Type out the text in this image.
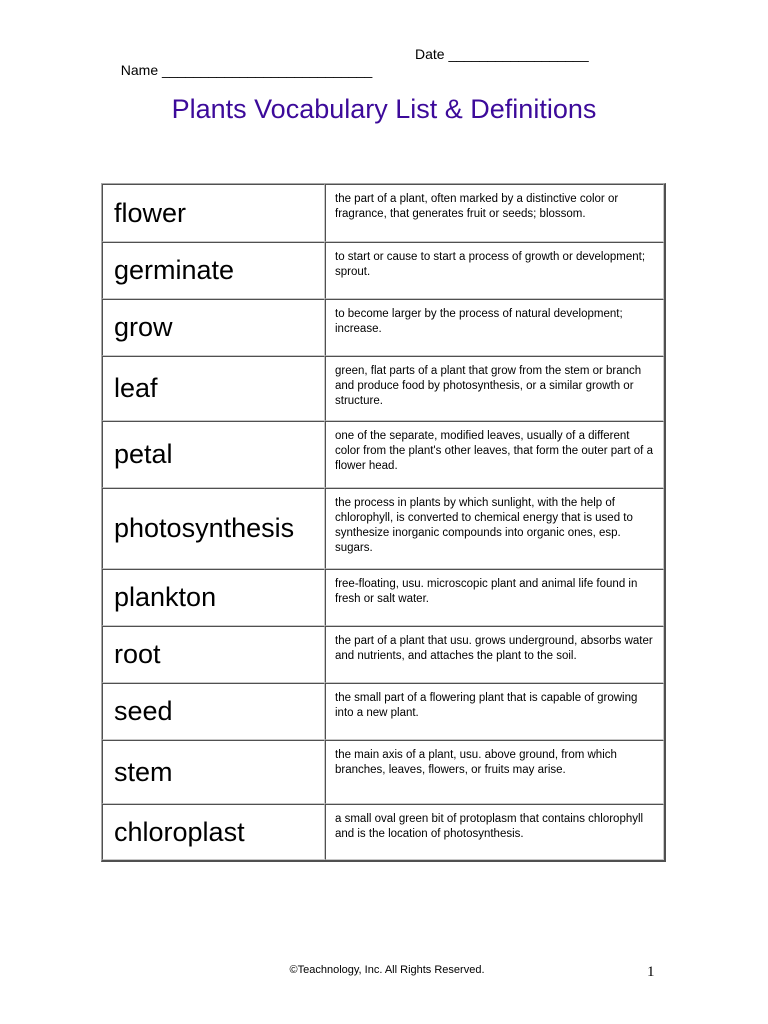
Name ___________________________

Date __________________

Plants Vocabulary List & Definitions
flower	the part of a plant, often marked by a distinctive color or fragrance, that generates fruit or seeds; blossom.
germinate	to start or cause to start a process of growth or development; sprout.
grow	to become larger by the process of natural development; increase.
leaf	green, flat parts of a plant that grow from the stem or branch and produce food by photosynthesis, or a similar growth or structure.
petal	one of the separate, modified leaves, usually of a different color from the plant's other leaves, that form the outer part of a flower head.
photosynthesis	the process in plants by which sunlight, with the help of chlorophyll, is converted to chemical energy that is used to synthesize inorganic compounds into organic ones, esp. sugars.
plankton	free-floating, usu. microscopic plant and animal life found in fresh or salt water.
root	the part of a plant that usu. grows underground, absorbs water and nutrients, and attaches the plant to the soil.
seed	the small part of a flowering plant that is capable of growing into a new plant.
stem	the main axis of a plant, usu. above ground, from which branches, leaves, flowers, or fruits may arise.
chloroplast	a small oval green bit of protoplasm that contains chlorophyll and is the location of photosynthesis.
©Teachnology, Inc. All Rights Reserved.	1
